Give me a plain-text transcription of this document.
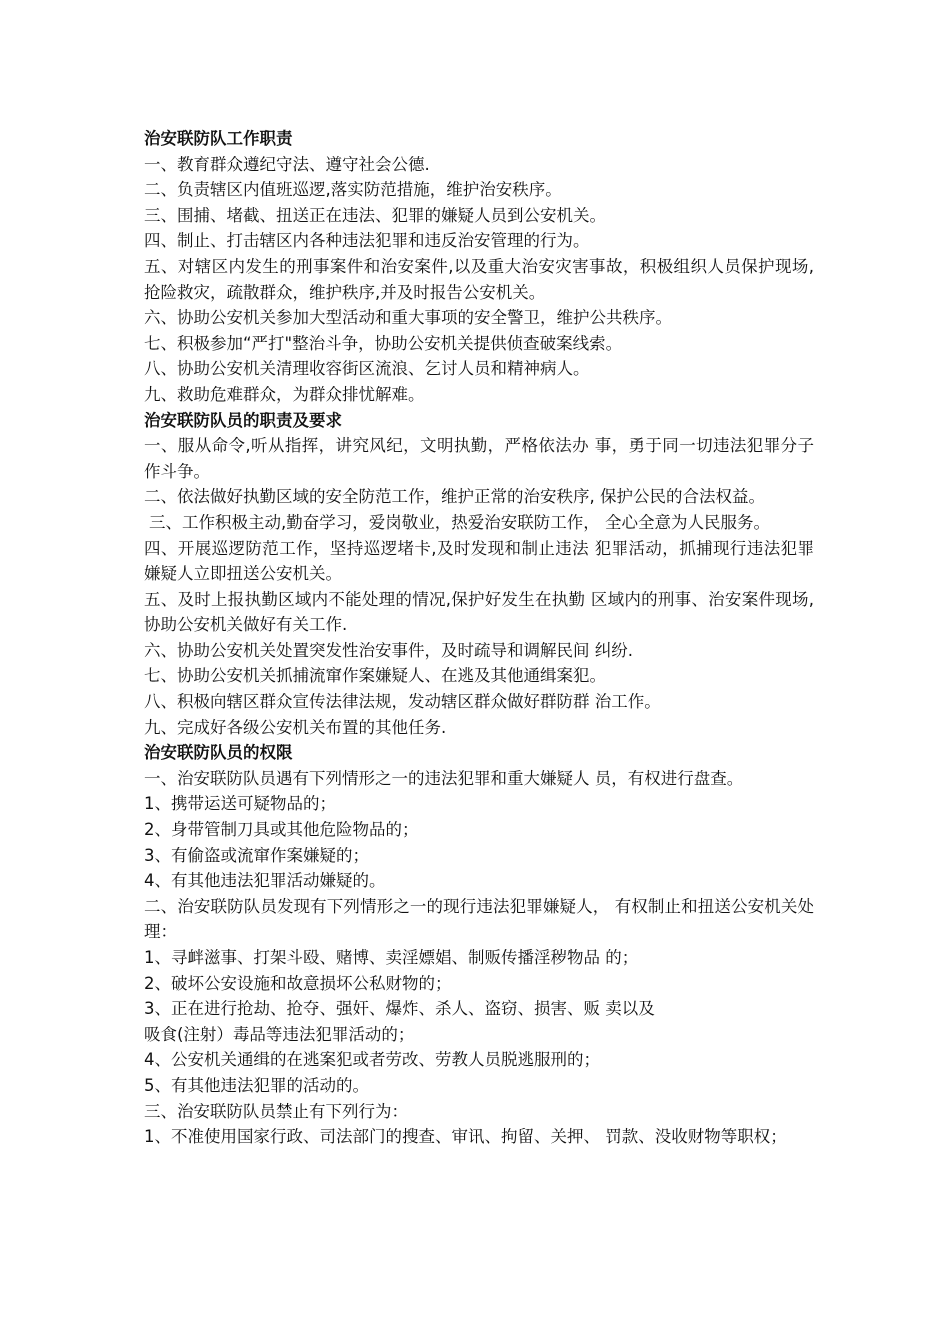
治安联防队工作职责

一、教育群众遵纪守法、遵守社会公德.

二、负责辖区内值班巡逻,落实防范措施，维护治安秩序。

三、围捕、堵截、扭送正在违法、犯罪的嫌疑人员到公安机关。

四、制止、打击辖区内各种违法犯罪和违反治安管理的行为。

五、对辖区内发生的刑事案件和治安案件,以及重大治安灾害事故，积极组织人员保护现场,抢险救灾，疏散群众，维护秩序,并及时报告公安机关。

六、协助公安机关参加大型活动和重大事项的安全警卫，维护公共秩序。

七、积极参加“严打"整治斗争，协助公安机关提供侦查破案线索。

八、协助公安机关清理收容街区流浪、乞讨人员和精神病人。

九、救助危难群众，为群众排忧解难。

治安联防队员的职责及要求

一、服从命令,听从指挥，讲究风纪，文明执勤，严格依法办 事，勇于同一切违法犯罪分子作斗争。

二、依法做好执勤区域的安全防范工作，维护正常的治安秩序, 保护公民的合法权益。

三、工作积极主动,勤奋学习，爱岗敬业，热爱治安联防工作， 全心全意为人民服务。

四、开展巡逻防范工作，坚持巡逻堵卡,及时发现和制止违法 犯罪活动，抓捕现行违法犯罪嫌疑人立即扭送公安机关。

五、及时上报执勤区域内不能处理的情况,保护好发生在执勤 区域内的刑事、治安案件现场,协助公安机关做好有关工作.

六、协助公安机关处置突发性治安事件，及时疏导和调解民间 纠纷.

七、协助公安机关抓捕流窜作案嫌疑人、在逃及其他通缉案犯。

八、积极向辖区群众宣传法律法规，发动辖区群众做好群防群 治工作。

九、完成好各级公安机关布置的其他任务.

治安联防队员的权限

一、治安联防队员遇有下列情形之一的违法犯罪和重大嫌疑人 员，有权进行盘查。

1、携带运送可疑物品的；

2、身带管制刀具或其他危险物品的；

3、有偷盗或流窜作案嫌疑的；

4、有其他违法犯罪活动嫌疑的。

二、治安联防队员发现有下列情形之一的现行违法犯罪嫌疑人， 有权制止和扭送公安机关处理：

1、寻衅滋事、打架斗殴、赌博、卖淫嫖娼、制贩传播淫秽物品 的；

2、破坏公安设施和故意损坏公私财物的；

3、正在进行抢劫、抢夺、强奸、爆炸、杀人、盗窃、损害、贩 卖以及

吸食(注射）毒品等违法犯罪活动的；

4、公安机关通缉的在逃案犯或者劳改、劳教人员脱逃服刑的；

5、有其他违法犯罪的活动的。

三、治安联防队员禁止有下列行为：

1、不准使用国家行政、司法部门的搜查、审讯、拘留、关押、 罚款、没收财物等职权；
